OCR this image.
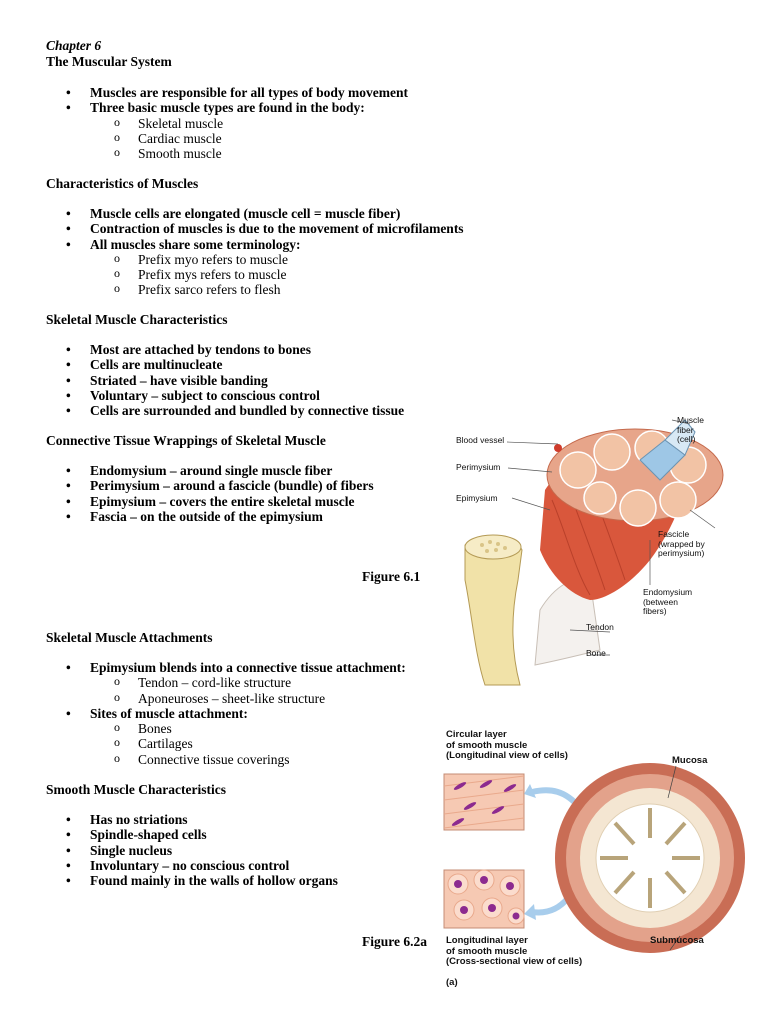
Chapter 6
The Muscular System
• Muscles are responsible for all types of body movement
• Three basic muscle types are found in the body:
o Skeletal muscle
o Cardiac muscle
o Smooth muscle
Characteristics of Muscles
• Muscle cells are elongated (muscle cell = muscle fiber)
• Contraction of muscles is due to the movement of microfilaments
• All muscles share some terminology:
o Prefix myo refers to muscle
o Prefix mys refers to muscle
o Prefix sarco refers to flesh
Skeletal Muscle Characteristics
• Most are attached by tendons to bones
• Cells are multinucleate
• Striated – have visible banding
• Voluntary – subject to conscious control
• Cells are surrounded and bundled by connective tissue
Connective Tissue Wrappings of Skeletal Muscle
• Endomysium – around single muscle fiber
• Perimysium – around a fascicle (bundle) of fibers
• Epimysium – covers the entire skeletal muscle
• Fascia – on the outside of the epimysium
Figure 6.1
Skeletal Muscle Attachments
• Epimysium blends into a connective tissue attachment:
o Tendon – cord-like structure
o Aponeuroses – sheet-like structure
• Sites of muscle attachment:
o Bones
o Cartilages
o Connective tissue coverings
Smooth Muscle Characteristics
• Has no striations
• Spindle-shaped cells
• Single nucleus
• Involuntary – no conscious control
• Found mainly in the walls of hollow organs
Figure 6.2a
Muscle
fiber
(cell)
Blood vessel
Perimysium
Epimysium
Fascicle
(wrapped by
perimysium)
Endomysium
(between
fibers)
Tendon
Bone
Circular layer
of smooth muscle
(Longitudinal view of cells)	Mucosa
Longitudinal layer
of smooth muscle
(Cross-sectional view of cells)
Submucosa
(a)
